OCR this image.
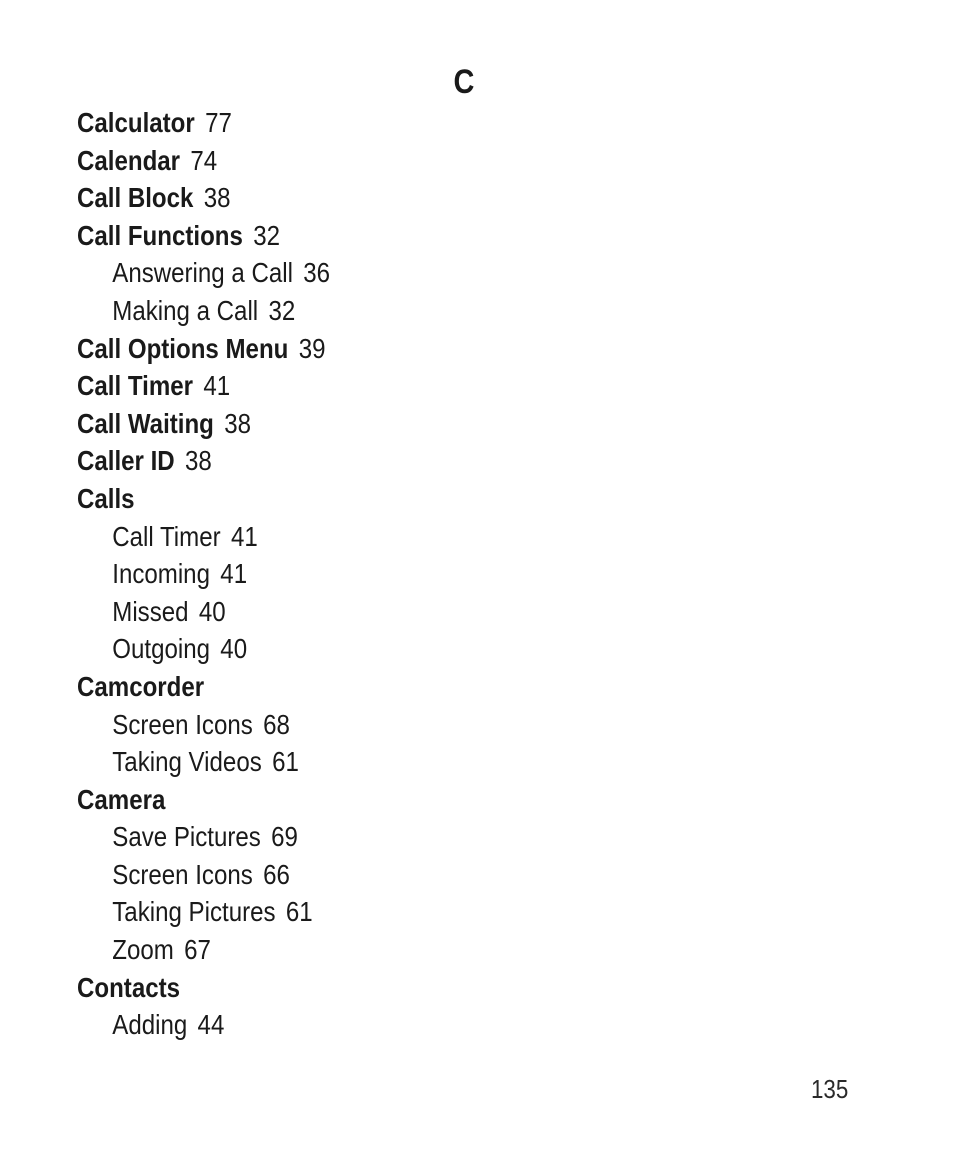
C
Calculator 77
Calendar 74
Call Block 38
Call Functions 32
Answering a Call 36
Making a Call 32
Call Options Menu 39
Call Timer 41
Call Waiting 38
Caller ID 38
Calls
Call Timer 41
Incoming 41
Missed 40
Outgoing 40
Camcorder
Screen Icons 68
Taking Videos 61
Camera
Save Pictures 69
Screen Icons 66
Taking Pictures 61
Zoom 67
Contacts
Adding 44
135
